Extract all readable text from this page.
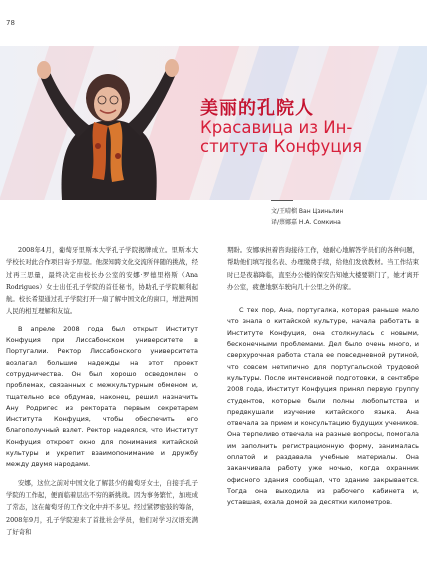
78
美丽的孔院人
Красавица из Ин-
ститута Конфуция
文/王晴榴 Ван Цзиньлин
译/蔡娜嘉 Н.А. Сомкина

2008年4月，葡萄牙里斯本大学孔子学院揭牌成立。里斯本大学校长对此合作项目寄予厚望。他深知跨文化交流所伴随的挑战，经过再三思量，最终决定由校长办公室的安娜·罗德里格斯（Ana Rodrigues）女士出任孔子学院的首任秘书，协助孔子学院顺利起航。校长希望通过孔子学院打开一扇了解中国文化的窗口，增进两国人民的相互理解和友谊。

В апреле 2008 года был открыт Институт Конфуция при Лиссабонском университете в Португалии. Ректор Лиссабонского университета возлагал большие надежды на этот проект сотрудничества. Он был хорошо осведомлен о проблемах, связанных с межкультурным обменом и, тщательно все обдумав, наконец, решил назначить Ану Родригес из ректората первым секретарем Института Конфуция, чтобы обеспечить его благополучный взлет. Ректор надеялся, что Институт Конфуция откроет окно для понимания китайской культуры и укрепит взаимопонимание и дружбу между двумя народами.

安娜，这位之前对中国文化了解甚少的葡萄牙女士，自接手孔子学院的工作起，便面临着层出不穷的新挑战。因为事务繁忙，加班成了常态，这在葡萄牙的工作文化中并不多见。经过紧锣密鼓的筹备，2008年9月，孔子学院迎来了首批社会学员，他们对学习汉语充满了好奇和

期盼。安娜承担着咨询接待工作，她耐心地解答学员们的各种问题，帮助他们填写报名表、办理缴费手续，给他们发放教材。当工作结束时已是夜幕降临，直至办公楼的保安告知她大楼要锁门了，她才离开办公室，疲惫地驱车驶向几十公里之外的家。

С тех пор, Ана, португалка, которая раньше мало что знала о китайской культуре, начала работать в Институте Конфуция, она столкнулась с новыми, бесконечными проблемами. Дел было очень много, и сверхурочная работа стала ее повседневной рутиной, что совсем нетипично для португальской трудовой культуры. После интенсивной подготовки, в сентябре 2008 года, Институт Конфуция принял первую группу студентов, которые были полны любопытства и предвкушали изучение китайского языка. Ана отвечала за прием и консультацию будущих учеников. Она терпеливо отвечала на разные вопросы, помогала им заполнить регистрационную форму, занималась оплатой и раздавала учебные материалы. Она заканчивала работу уже ночью, когда охранник офисного здания сообщал, что здание закрывается. Тогда она выходила из рабочего кабинета и, уставшая, ехала домой за десятки километров.
